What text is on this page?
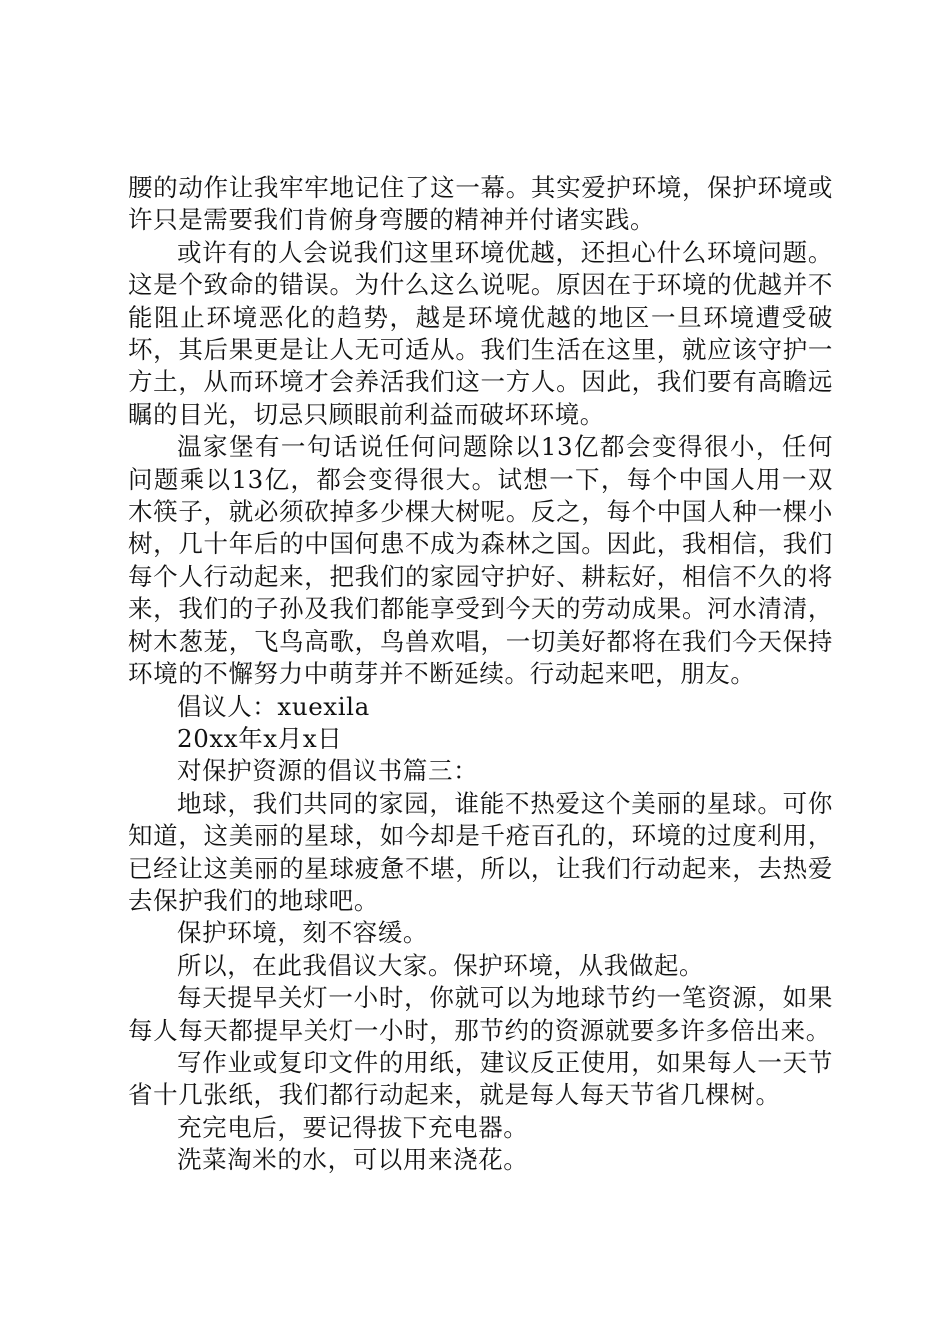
腰的动作让我牢牢地记住了这一幕。其实爱护环境，保护环境或许只是需要我们肯俯身弯腰的精神并付诸实践。

或许有的人会说我们这里环境优越，还担心什么环境问题。这是个致命的错误。为什么这么说呢。原因在于环境的优越并不能阻止环境恶化的趋势，越是环境优越的地区一旦环境遭受破坏，其后果更是让人无可适从。我们生活在这里，就应该守护一方土，从而环境才会养活我们这一方人。因此，我们要有高瞻远瞩的目光，切忌只顾眼前利益而破坏环境。

温家堡有一句话说任何问题除以13亿都会变得很小，任何问题乘以13亿，都会变得很大。试想一下，每个中国人用一双木筷子，就必须砍掉多少棵大树呢。反之，每个中国人种一棵小树，几十年后的中国何患不成为森林之国。因此，我相信，我们每个人行动起来，把我们的家园守护好、耕耘好，相信不久的将来，我们的子孙及我们都能享受到今天的劳动成果。河水清清，树木葱茏，飞鸟高歌，鸟兽欢唱，一切美好都将在我们今天保持环境的不懈努力中萌芽并不断延续。行动起来吧，朋友。

倡议人：xuexila

20xx年x月x日

对保护资源的倡议书篇三：

地球，我们共同的家园，谁能不热爱这个美丽的星球。可你知道，这美丽的星球，如今却是千疮百孔的，环境的过度利用，已经让这美丽的星球疲惫不堪，所以，让我们行动起来，去热爱去保护我们的地球吧。

保护环境，刻不容缓。

所以，在此我倡议大家。保护环境，从我做起。

每天提早关灯一小时，你就可以为地球节约一笔资源，如果每人每天都提早关灯一小时，那节约的资源就要多许多倍出来。

写作业或复印文件的用纸，建议反正使用，如果每人一天节省十几张纸，我们都行动起来，就是每人每天节省几棵树。

充完电后，要记得拔下充电器。

洗菜淘米的水，可以用来浇花。
